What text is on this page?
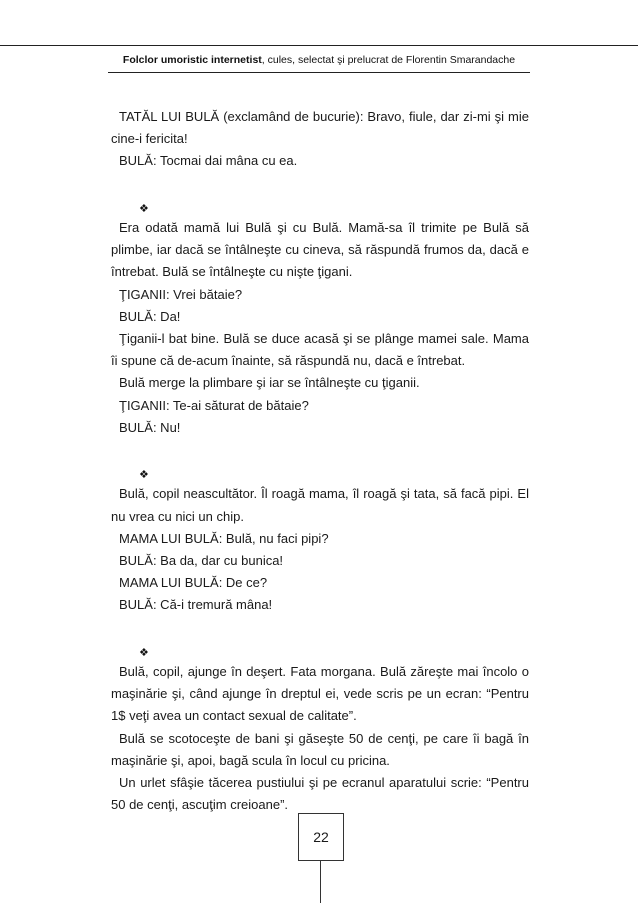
Folclor umoristic internetist, cules, selectat şi prelucrat de Florentin Smarandache

TATĂL LUI BULĂ (exclamând de bucurie): Bravo, fiule, dar zi-mi şi mie cine-i fericita!

BULĂ: Tocmai dai mâna cu ea.

❖

Era odată mamă lui Bulă şi cu Bulă. Mamă-sa îl trimite pe Bulă să plimbe, iar dacă se întâlneşte cu cineva, să răspundă frumos da, dacă e întrebat. Bulă se întâlneşte cu nişte ţigani.

ŢIGANII: Vrei bătaie?

BULĂ: Da!

Ţiganii-l bat bine. Bulă se duce acasă şi se plânge mamei sale. Mama îi spune că de-acum înainte, să răspundă nu, dacă e întrebat.

Bulă merge la plimbare şi iar se întâlneşte cu ţiganii.

ŢIGANII: Te-ai săturat de bătaie?

BULĂ: Nu!

❖

Bulă, copil neascultător. Îl roagă mama, îl roagă şi tata, să facă pipi. El nu vrea cu nici un chip.

MAMA LUI BULĂ: Bulă, nu faci pipi?

BULĂ: Ba da, dar cu bunica!

MAMA LUI BULĂ: De ce?

BULĂ: Că-i tremură mâna!

❖

Bulă, copil, ajunge în deşert. Fata morgana. Bulă zăreşte mai încolo o maşinărie şi, când ajunge în dreptul ei, vede scris pe un ecran: “Pentru 1$ veţi avea un contact sexual de calitate”.

Bulă se scotoceşte de bani şi găseşte 50 de cenţi, pe care îi bagă în maşinărie şi, apoi, bagă scula în locul cu pricina.

Un urlet sfâşie tăcerea pustiului şi pe ecranul aparatului scrie: “Pentru 50 de cenţi, ascuţim creioane”.

22
